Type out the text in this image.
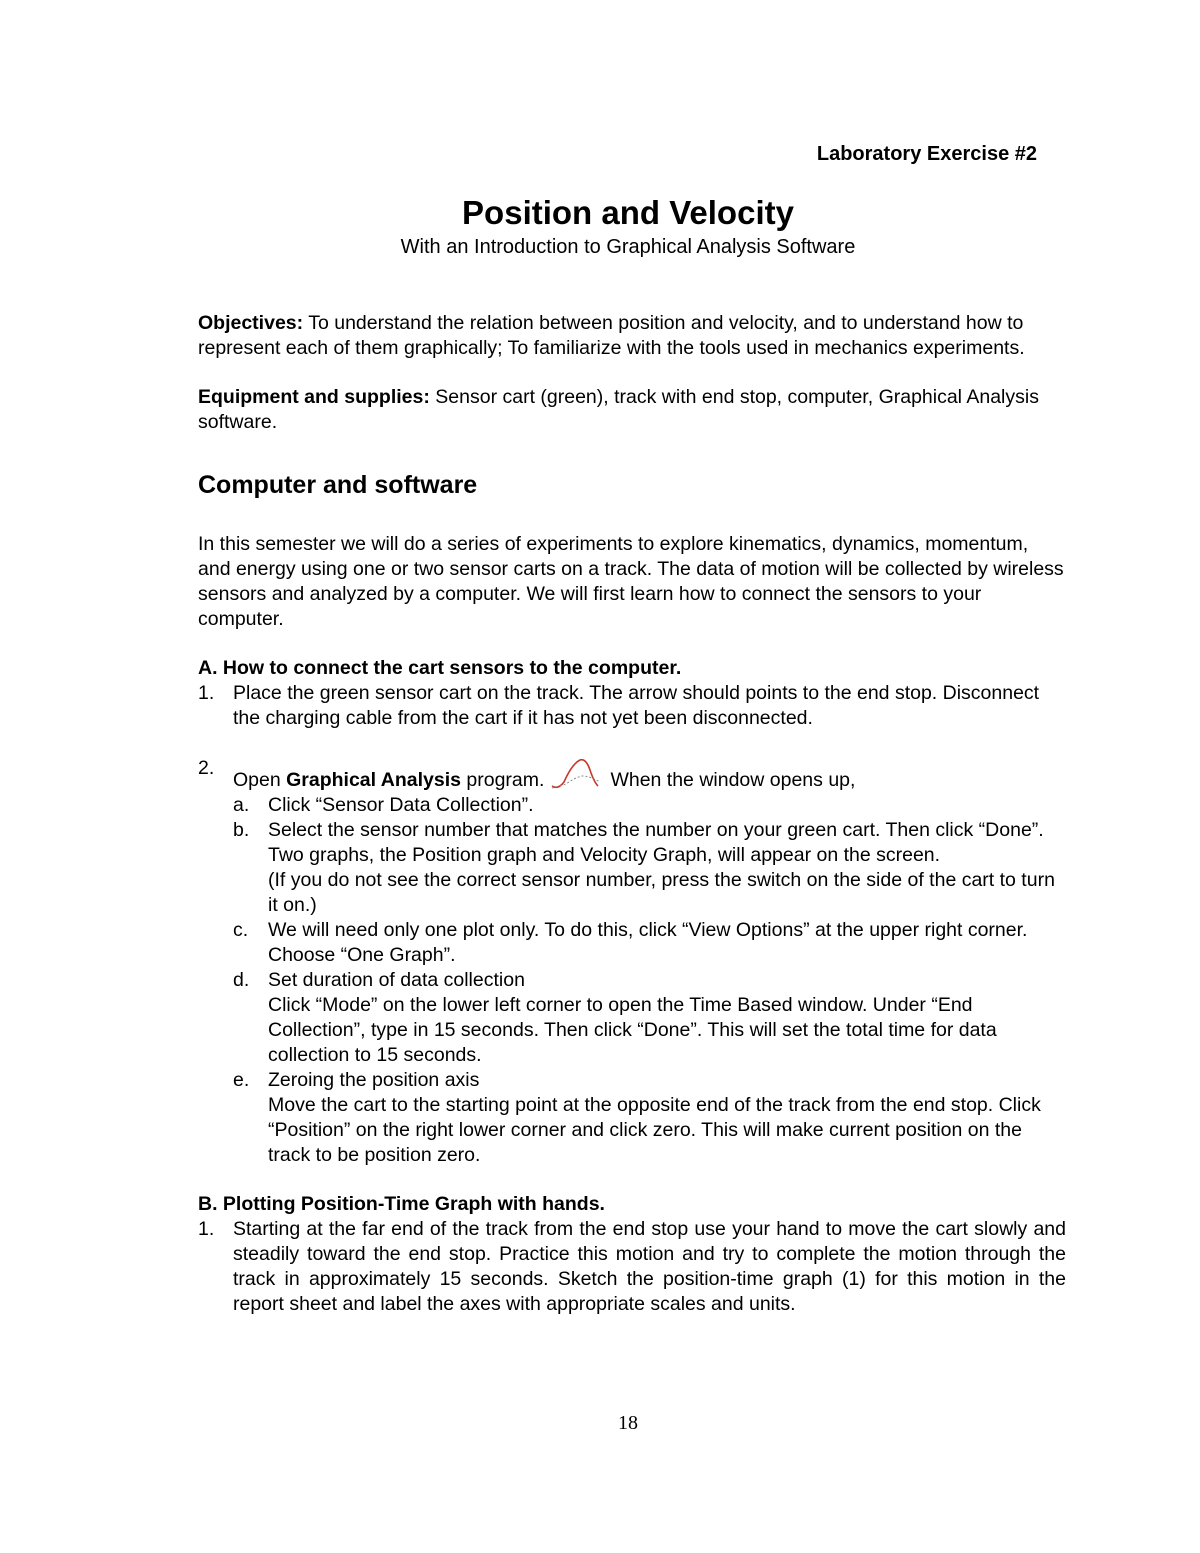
Laboratory Exercise #2
Position and Velocity
With an Introduction to Graphical Analysis Software

Objectives: To understand the relation between position and velocity, and to understand how to represent each of them graphically; To familiarize with the tools used in mechanics experiments.

Equipment and supplies: Sensor cart (green), track with end stop, computer, Graphical Analysis software.

Computer and software

In this semester we will do a series of experiments to explore kinematics, dynamics, momentum, and energy using one or two sensor carts on a track. The data of motion will be collected by wireless sensors and analyzed by a computer. We will first learn how to connect the sensors to your computer.

A. How to connect the cart sensors to the computer.

1. Place the green sensor cart on the track. The arrow should points to the end stop. Disconnect the charging cable from the cart if it has not yet been disconnected.
2.
Open Graphical Analysis program.	When the window opens up,
a. Click “Sensor Data Collection”.
b. Select the sensor number that matches the number on your green cart. Then click “Done”. Two graphs, the Position graph and Velocity Graph, will appear on the screen.
(If you do not see the correct sensor number, press the switch on the side of the cart to turn it on.)
c. We will need only one plot only. To do this, click “View Options” at the upper right corner. Choose “One Graph”.
d. Set duration of data collection
Click “Mode” on the lower left corner to open the Time Based window. Under “End Collection”, type in 15 seconds. Then click “Done”. This will set the total time for data collection to 15 seconds.
e. Zeroing the position axis
Move the cart to the starting point at the opposite end of the track from the end stop. Click “Position” on the right lower corner and click zero. This will make current position on the track to be position zero.

B. Plotting Position-Time Graph with hands.

1. Starting at the far end of the track from the end stop use your hand to move the cart slowly and steadily toward the end stop. Practice this motion and try to complete the motion through the track in approximately 15 seconds. Sketch the position-time graph (1) for this motion in the report sheet and label the axes with appropriate scales and units.
18
